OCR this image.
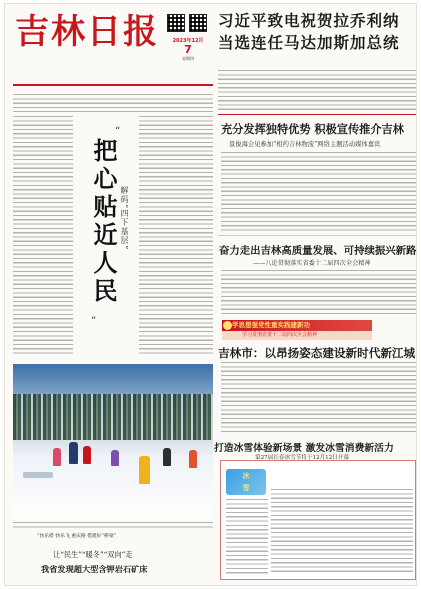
吉林日报	2023年12月
7
星期四
习近平致电祝贺拉乔利纳
当选连任马达加斯加总统
“
把心贴近人民 解码“四下基层”
”
充分发挥独特优势 积极宣传推介吉林
景俊海会见参加“相约吉林物流”网络主题活动媒体嘉宾
奋力走出吉林高质量发展、可持续振兴新路
——八论贯彻落实省委十二届四次全会精神
学思想强党性重实践建新功
学习贯彻省委十二届四次全会精神
吉林市：以昂扬姿态建设新时代新江城
“快乐搭 快乐飞 重庆路 搭建好“桥梁”
让“民生”“暖冬”“双向”走
我省发现超大型含钾岩石矿床
冰
雪
打造冰雪体验新场景 激发冰雪消费新活力
第27届长春冰雪节将于12月12日开幕
